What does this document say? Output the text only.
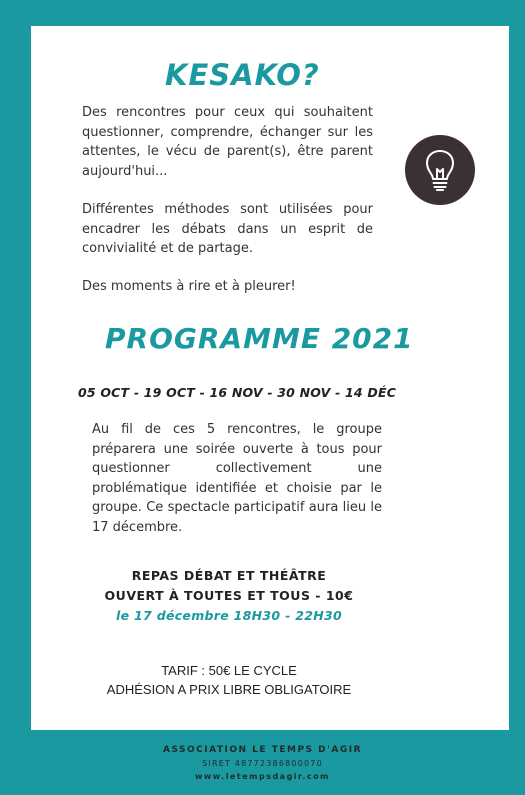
KESAKO?

Des rencontres pour ceux qui souhaitent questionner, comprendre, échanger sur les attentes, le vécu de parent(s), être parent aujourd'hui...

Différentes méthodes sont utilisées pour encadrer les débats dans un esprit de convivialité et de partage.

Des moments à rire et à pleurer!

PROGRAMME 2021
05 OCT - 19 OCT - 16 NOV - 30 NOV - 14 DÉC

Au fil de ces 5 rencontres, le groupe préparera une soirée ouverte à tous pour questionner collectivement une problématique identifiée et choisie par le groupe. Ce spectacle participatif aura lieu le 17 décembre.

REPAS DÉBAT ET THÉÂTRE
OUVERT À TOUTES ET TOUS - 10€
le 17 décembre 18H30 - 22H30
TARIF : 50€ LE CYCLE
ADHÉSION A PRIX LIBRE OBLIGATOIRE
ASSOCIATION LE TEMPS D'AGIR
SIRET 48772386800070
www.letempsdagir.com
